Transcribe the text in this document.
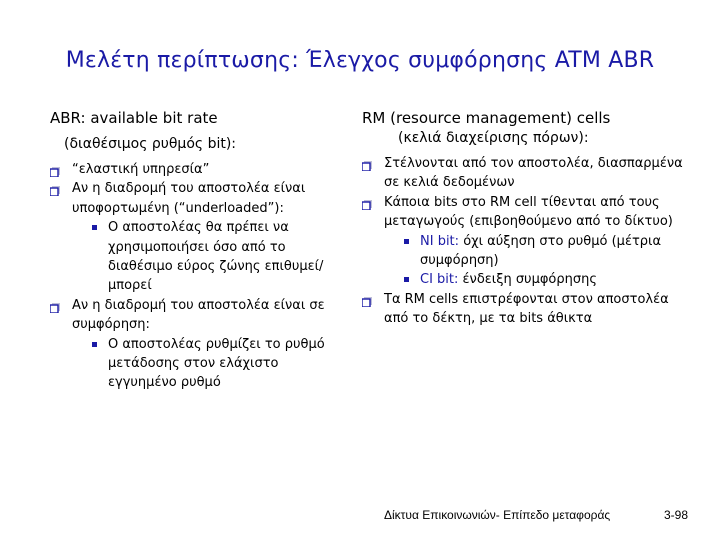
Μελέτη περίπτωσης: Έλεγχος συμφόρησης ATM ABR
ABR: available bit rate
(διαθέσιμος ρυθμός bit):
“ελαστική υπηρεσία”
Αν η διαδρομή του αποστολέα είναι υποφορτωμένη (“underloaded”):
Ο αποστολέας θα πρέπει να χρησιμοποιήσει όσο από το διαθέσιμο εύρος ζώνης επιθυμεί/μπορεί
Αν η διαδρομή του αποστολέα είναι σε συμφόρηση:
Ο αποστολέας ρυθμίζει το ρυθμό μετάδοσης στον ελάχιστο εγγυημένο ρυθμό
RM (resource management) cells
(κελιά διαχείρισης πόρων):
Στέλνονται από τον αποστολέα, διασπαρμένα σε κελιά δεδομένων
Κάποια bits στο RM cell τίθενται από τους μεταγωγούς (επιβοηθούμενο από το δίκτυο)
NI bit: όχι αύξηση στο ρυθμό (μέτρια συμφόρηση)
CI bit: ένδειξη συμφόρησης
Τα RM cells επιστρέφονται στον αποστολέα από το δέκτη, με τα bits άθικτα
Δίκτυα Επικοινωνιών- Επίπεδο μεταφοράς	3-98
